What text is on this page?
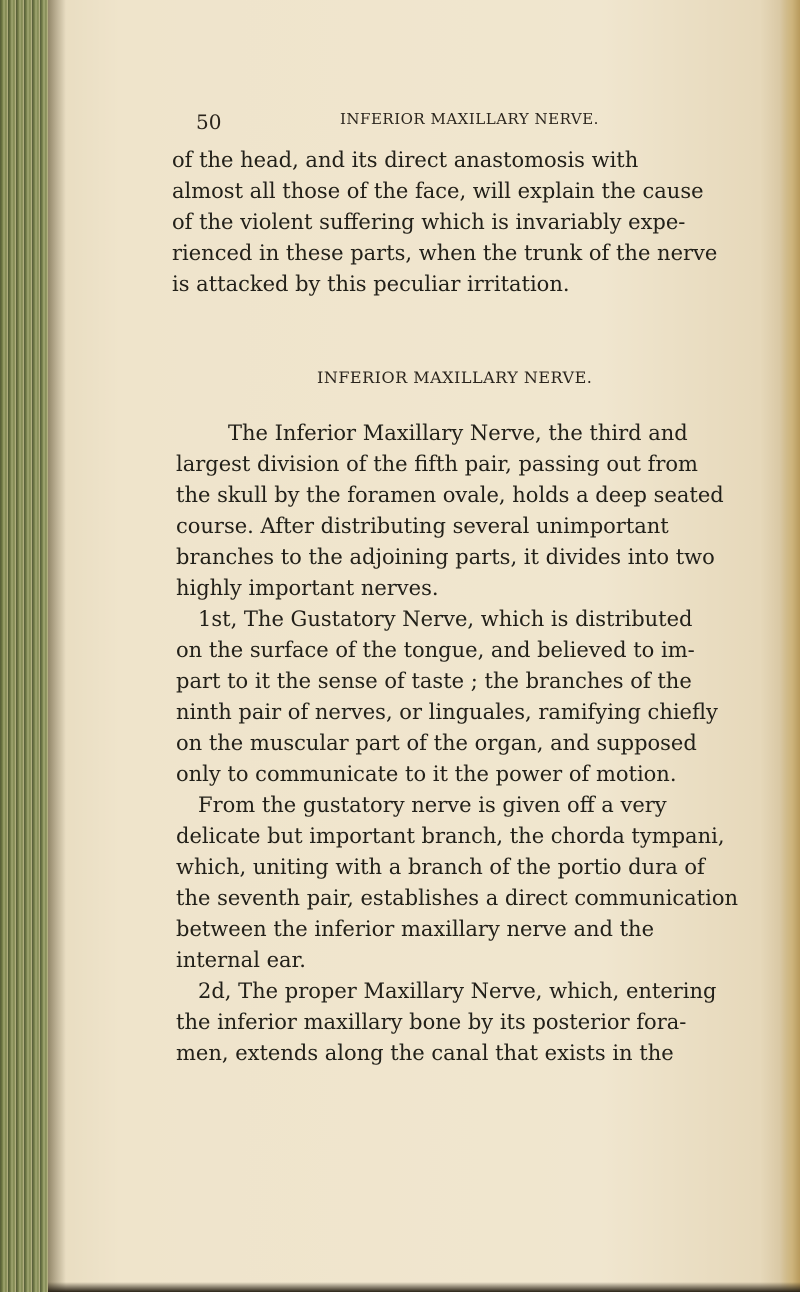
50	INFERIOR MAXILLARY NERVE.
of the head, and its direct anastomosis with
almost all those of the face, will explain the cause
of the violent suffering which is invariably expe-
rienced in these parts, when the trunk of the nerve
is attacked by this peculiar irritation.
INFERIOR MAXILLARY NERVE.
The Inferior Maxillary Nerve, the third and
largest division of the fifth pair, passing out from
the skull by the foramen ovale, holds a deep seated
course. After distributing several unimportant
branches to the adjoining parts, it divides into two
highly important nerves.
1st, The Gustatory Nerve, which is distributed
on the surface of the tongue, and believed to im-
part to it the sense of taste ; the branches of the
ninth pair of nerves, or linguales, ramifying chiefly
on the muscular part of the organ, and supposed
only to communicate to it the power of motion.
From the gustatory nerve is given off a very
delicate but important branch, the chorda tympani,
which, uniting with a branch of the portio dura of
the seventh pair, establishes a direct communication
between the inferior maxillary nerve and the
internal ear.
2d, The proper Maxillary Nerve, which, entering
the inferior maxillary bone by its posterior fora-
men, extends along the canal that exists in the
